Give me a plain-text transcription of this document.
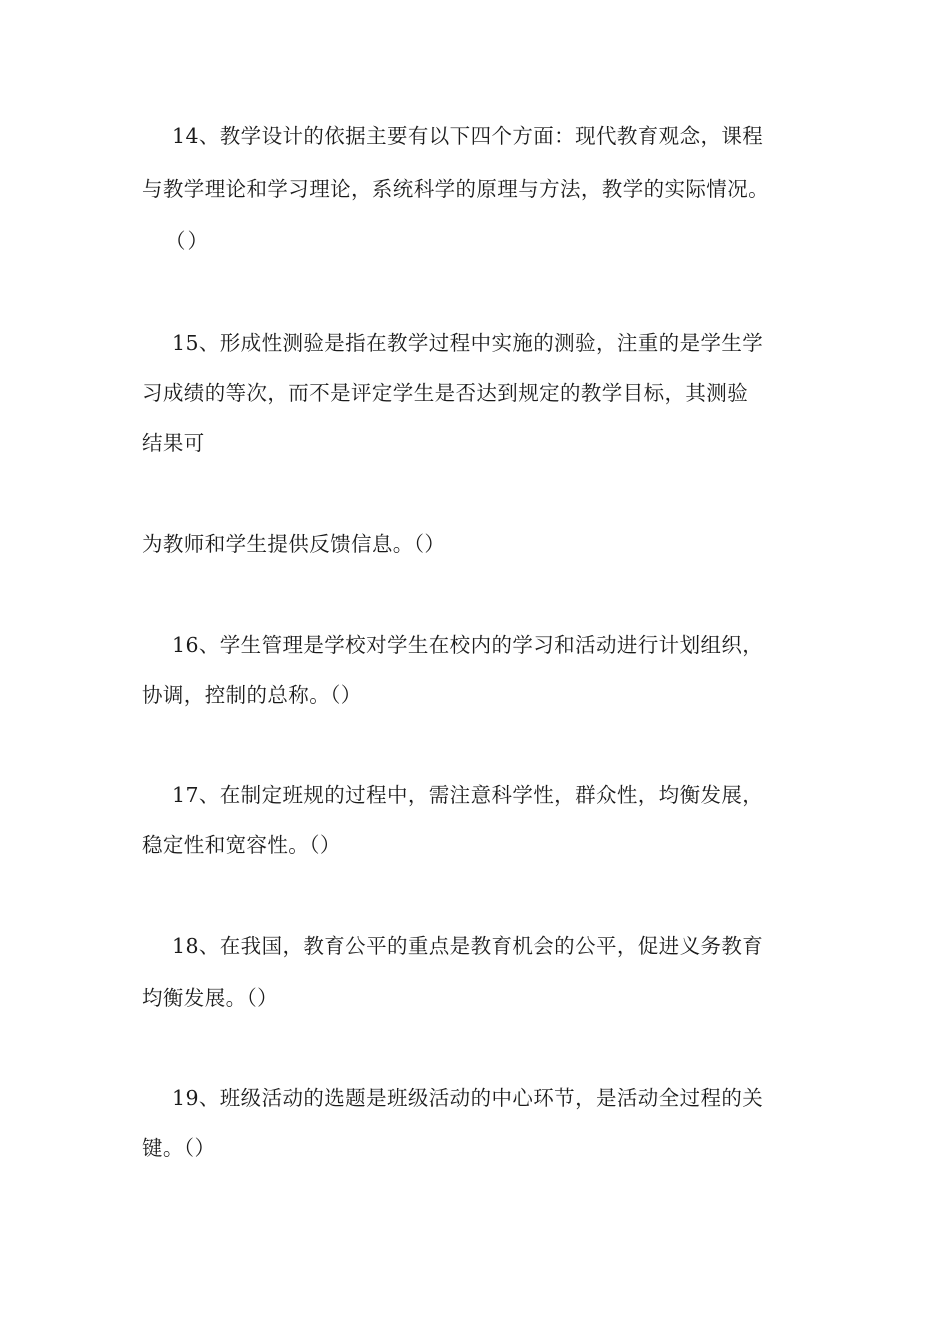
14、教学设计的依据主要有以下四个方面：现代教育观念，课程
与教学理论和学习理论，系统科学的原理与方法，教学的实际情况。
（）
15、形成性测验是指在教学过程中实施的测验，注重的是学生学
习成绩的等次，而不是评定学生是否达到规定的教学目标，其测验
结果可
为教师和学生提供反馈信息。（）
16、学生管理是学校对学生在校内的学习和活动进行计划组织，
协调，控制的总称。（）
17、在制定班规的过程中，需注意科学性，群众性，均衡发展，
稳定性和宽容性。（）
18、在我国，教育公平的重点是教育机会的公平，促进义务教育
均衡发展。（）
19、班级活动的选题是班级活动的中心环节，是活动全过程的关
键。（）
